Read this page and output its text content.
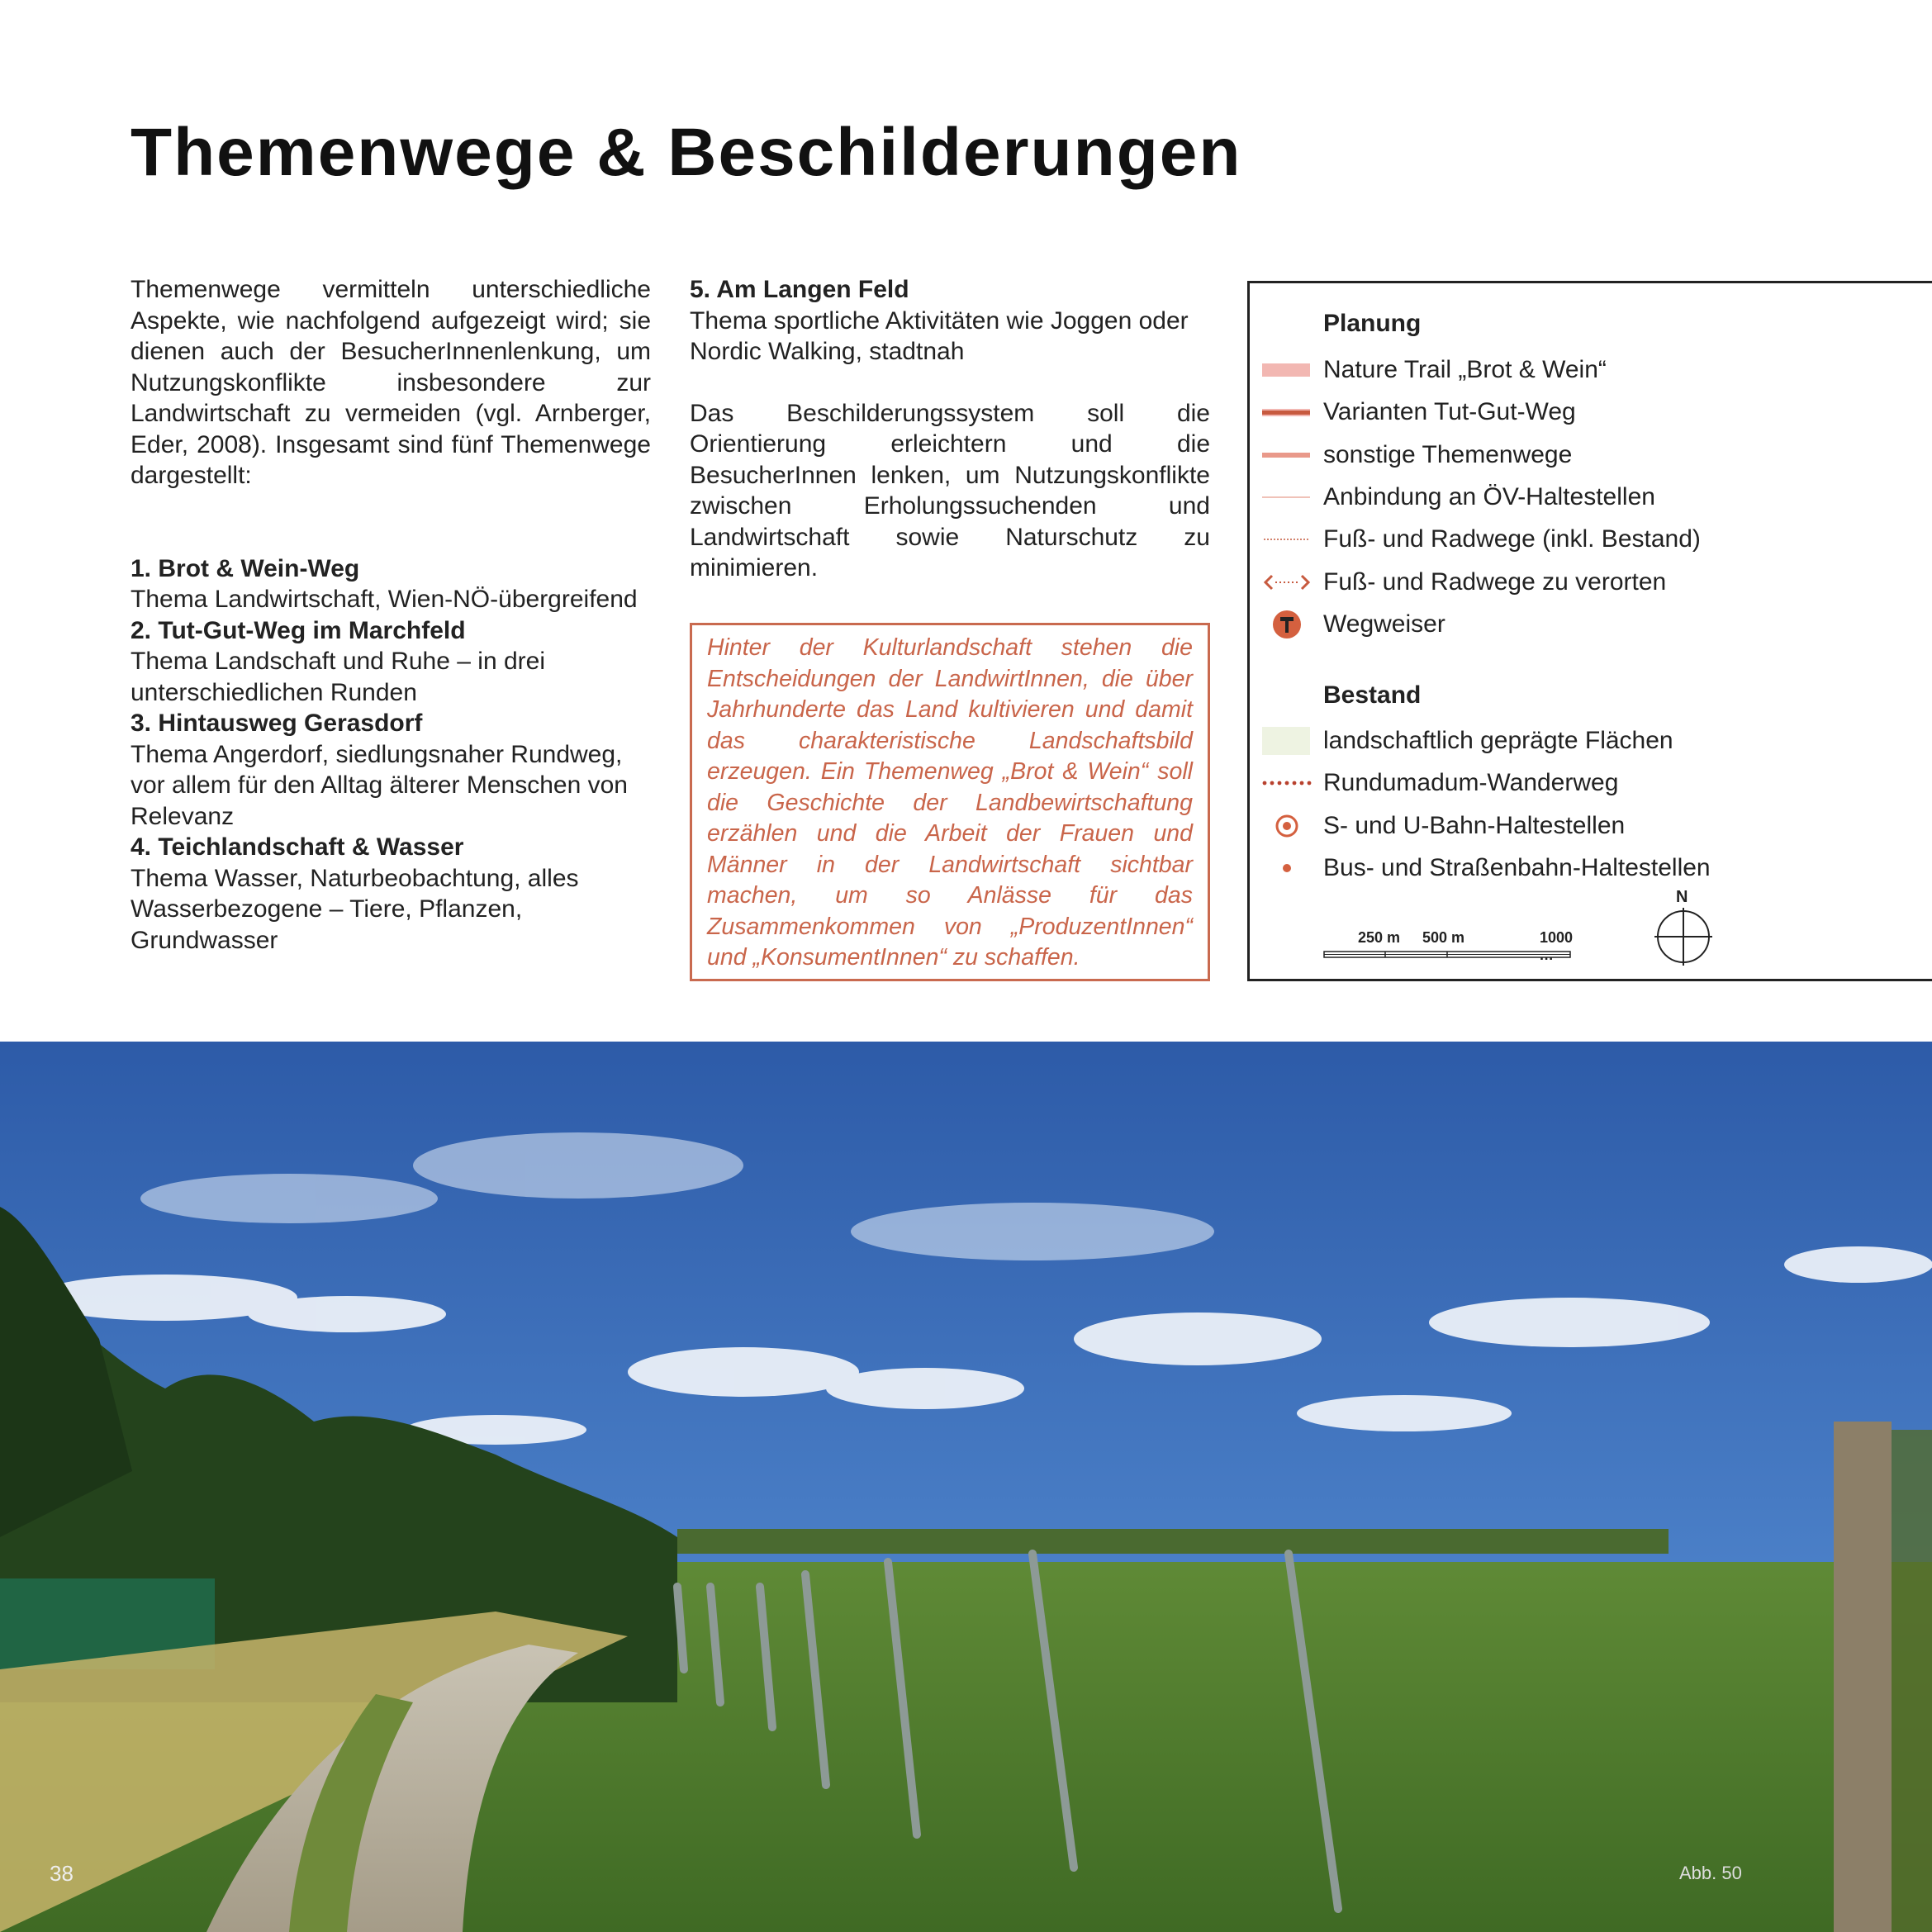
Themenwege & Beschilderungen

Themenwege vermitteln unterschiedliche Aspekte, wie nachfolgend aufgezeigt wird; sie dienen auch der BesucherInnenlenkung, um Nutzungskonflikte insbesondere zur Landwirtschaft zu vermeiden (vgl. Arnberger, Eder, 2008). Insgesamt sind fünf Themenwege dargestellt:

1. Brot & Wein-Weg

Thema Landwirtschaft, Wien-NÖ-übergreifend

2. Tut-Gut-Weg im Marchfeld

Thema Landschaft und Ruhe – in drei unterschiedlichen Runden

3. Hintausweg Gerasdorf

Thema Angerdorf, siedlungsnaher Rundweg, vor allem für den Alltag älterer Menschen von Relevanz

4. Teichlandschaft & Wasser

Thema Wasser, Naturbeobachtung, alles Wasserbezogene – Tiere, Pflanzen, Grundwasser

5. Am Langen Feld

Thema sportliche Aktivitäten wie Joggen oder Nordic Walking, stadtnah

Das Beschilderungssystem soll die Orientierung erleichtern und die BesucherInnen lenken, um Nutzungskonflikte zwischen Erholungssuchenden und Landwirtschaft sowie Naturschutz zu minimieren.

Hinter der Kulturlandschaft stehen die Entscheidungen der LandwirtInnen, die über Jahrhunderte das Land kultivieren und damit das charakteristische Landschaftsbild erzeugen. Ein Themenweg „Brot & Wein“ soll die Geschichte der Landbewirtschaftung erzählen und die Arbeit der Frauen und Männer in der Landwirtschaft sichtbar machen, um so Anlässe für das Zusammenkommen von „ProduzentInnen“ und „KonsumentInnen“ zu schaffen.
Planung
Nature Trail „Brot & Wein“
Varianten Tut-Gut-Weg
sonstige Themenwege
Anbindung an ÖV-Haltestellen
Fuß- und Radwege (inkl. Bestand)
Fuß- und Radwege zu verorten
Wegweiser
Bestand
landschaftlich geprägte Flächen
Rundumadum-Wanderweg
S- und U-Bahn-Haltestellen
Bus- und Straßenbahn-Haltestellen
250 m 500 m	1000
N
38	Abb. 50
